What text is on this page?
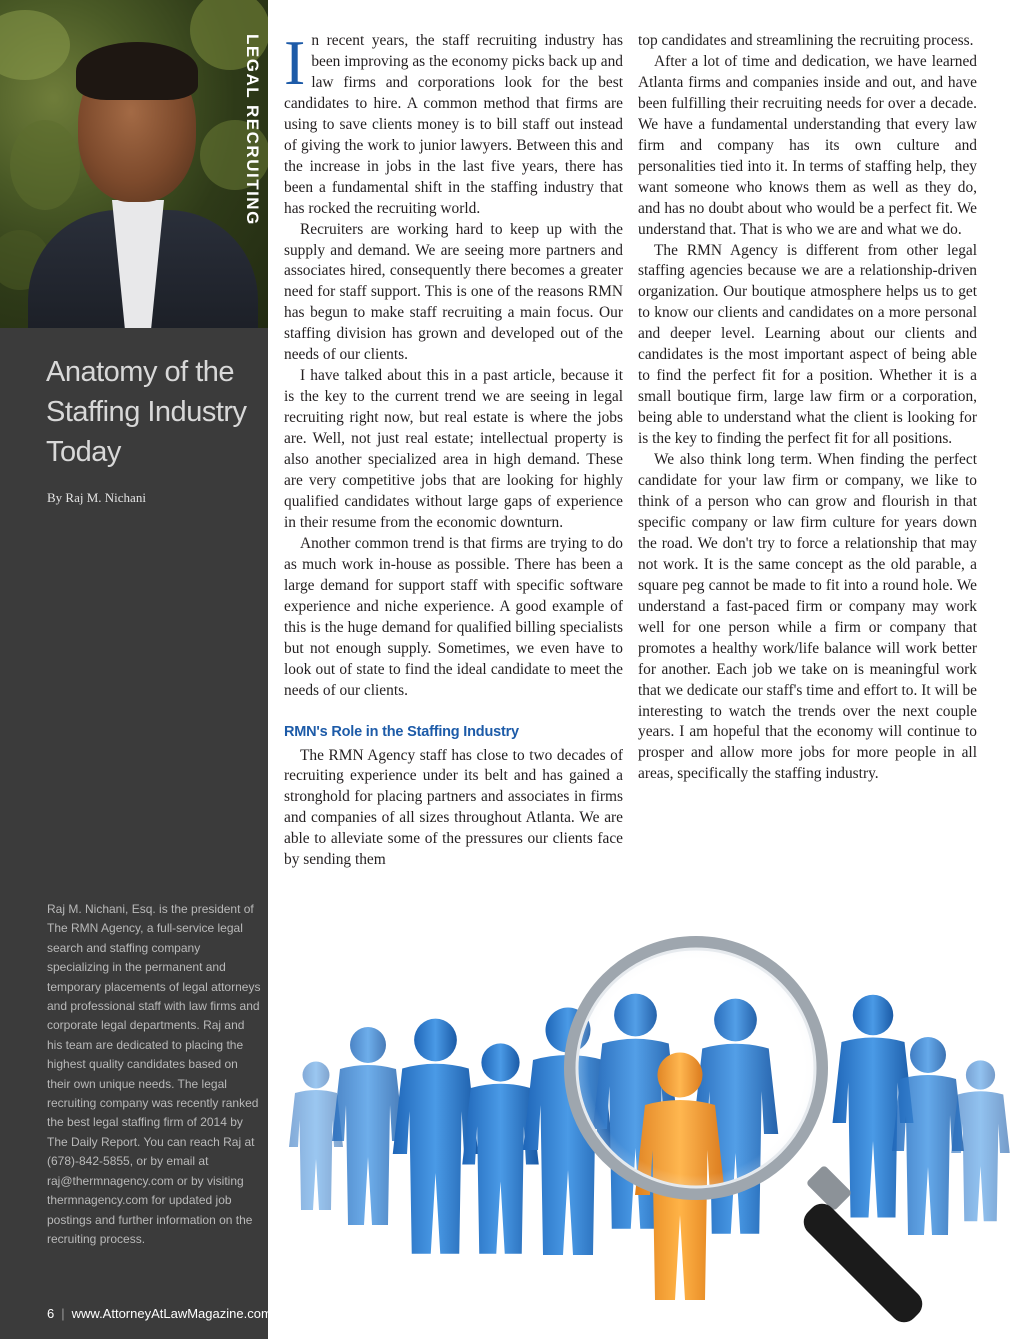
LEGAL RECRUITING
Anatomy of the Staffing Industry Today

By Raj M. Nichani

Raj M. Nichani, Esq. is the president of The RMN Agency, a full-service legal search and staffing company specializing in the permanent and temporary placements of legal attorneys and professional staff with law firms and corporate legal departments. Raj and his team are dedicated to placing the highest quality candidates based on their own unique needs. The legal recruiting company was recently ranked the best legal staffing firm of 2014 by The Daily Report. You can reach Raj at (678)-842-5855, or by email at raj@thermnagency.com or by visiting thermnagency.com for updated job postings and further information on the recruiting process.

6 | www.AttorneyAtLawMagazine.com

In recent years, the staff recruiting industry has been improving as the economy picks back up and law firms and corporations look for the best candidates to hire. A common method that firms are using to save clients money is to bill staff out instead of giving the work to junior lawyers. Between this and the increase in jobs in the last five years, there has been a fundamental shift in the staffing industry that has rocked the recruiting world.

Recruiters are working hard to keep up with the supply and demand. We are seeing more partners and associates hired, consequently there becomes a greater need for staff support. This is one of the reasons RMN has begun to make staff recruiting a main focus. Our staffing division has grown and developed out of the needs of our clients.

I have talked about this in a past article, because it is the key to the current trend we are seeing in legal recruiting right now, but real estate is where the jobs are. Well, not just real estate; intellectual property is also another specialized area in high demand. These are very competitive jobs that are looking for highly qualified candidates without large gaps of experience in their resume from the economic downturn.

Another common trend is that firms are trying to do as much work in-house as possible. There has been a large demand for support staff with specific software experience and niche experience. A good example of this is the huge demand for qualified billing specialists but not enough supply. Sometimes, we even have to look out of state to find the ideal candidate to meet the needs of our clients.

RMN's Role in the Staffing Industry

The RMN Agency staff has close to two decades of recruiting experience under its belt and has gained a stronghold for placing partners and associates in firms and companies of all sizes throughout Atlanta. We are able to alleviate some of the pressures our clients face by sending them

top candidates and streamlining the recruiting process.

After a lot of time and dedication, we have learned Atlanta firms and companies inside and out, and have been fulfilling their recruiting needs for over a decade. We have a fundamental understanding that every law firm and company has its own culture and personalities tied into it. In terms of staffing help, they want someone who knows them as well as they do, and has no doubt about who would be a perfect fit. We understand that. That is who we are and what we do.

The RMN Agency is different from other legal staffing agencies because we are a relationship-driven organization. Our boutique atmosphere helps us to get to know our clients and candidates on a more personal and deeper level. Learning about our clients and candidates is the most important aspect of being able to find the perfect fit for a position. Whether it is a small boutique firm, large law firm or a corporation, being able to understand what the client is looking for is the key to finding the perfect fit for all positions.

We also think long term. When finding the perfect candidate for your law firm or company, we like to think of a person who can grow and flourish in that specific company or law firm culture for years down the road. We don't try to force a relationship that may not work. It is the same concept as the old parable, a square peg cannot be made to fit into a round hole. We understand a fast-paced firm or company may work well for one person while a firm or company that promotes a healthy work/life balance will work better for another. Each job we take on is meaningful work that we dedicate our staff's time and effort to. It will be interesting to watch the trends over the next couple years. I am hopeful that the economy will continue to prosper and allow more jobs for more people in all areas, specifically the staffing industry.
